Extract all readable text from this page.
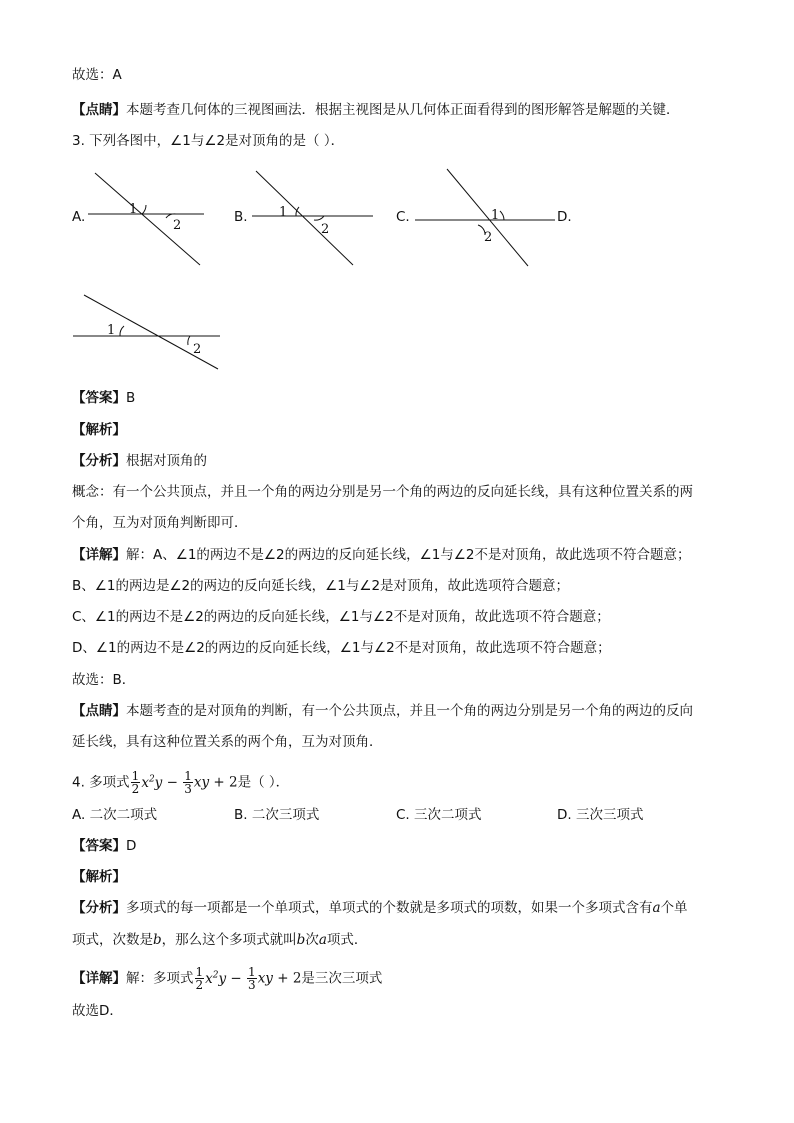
故选：A
【点睛】本题考查几何体的三视图画法．根据主视图是从几何体正面看得到的图形解答是解题的关键．
3. 下列各图中，∠1与∠2是对顶角的是（ ）．
1
2
A.	1
2
B.	1
2
C.	D.
1
2
【答案】B
【解析】
【分析】根据对顶角的
概念：有一个公共顶点，并且一个角的两边分别是另一个角的两边的反向延长线，具有这种位置关系的两
个角，互为对顶角判断即可．
【详解】解：A、∠1的两边不是∠2的两边的反向延长线，∠1与∠2不是对顶角，故此选项不符合题意；
B、∠1的两边是∠2的两边的反向延长线，∠1与∠2是对顶角，故此选项符合题意；
C、∠1的两边不是∠2的两边的反向延长线，∠1与∠2不是对顶角，故此选项不符合题意；
D、∠1的两边不是∠2的两边的反向延长线，∠1与∠2不是对顶角，故此选项不符合题意；
故选：B．
【点睛】本题考查的是对顶角的判断，有一个公共顶点，并且一个角的两边分别是另一个角的两边的反向
延长线，具有这种位置关系的两个角，互为对顶角．
4. 多项式 $\frac{1}{2} x^2y - \frac{1}{3}$ xy + 2是（ ）．
A. 二次二项式	B. 二次三项式	C. 三次二项式	D. 三次三项式
【答案】D
【解析】
【分析】多项式的每一项都是一个单项式，单项式的个数就是多项式的项数，如果一个多项式含有a个单
项式，次数是b，那么这个多项式就叫b次a项式．
【详解】解：多项式 $\frac{1}{2} x^2y - \frac{1}{3}$ xy + 2是三次三项式
故选D．
